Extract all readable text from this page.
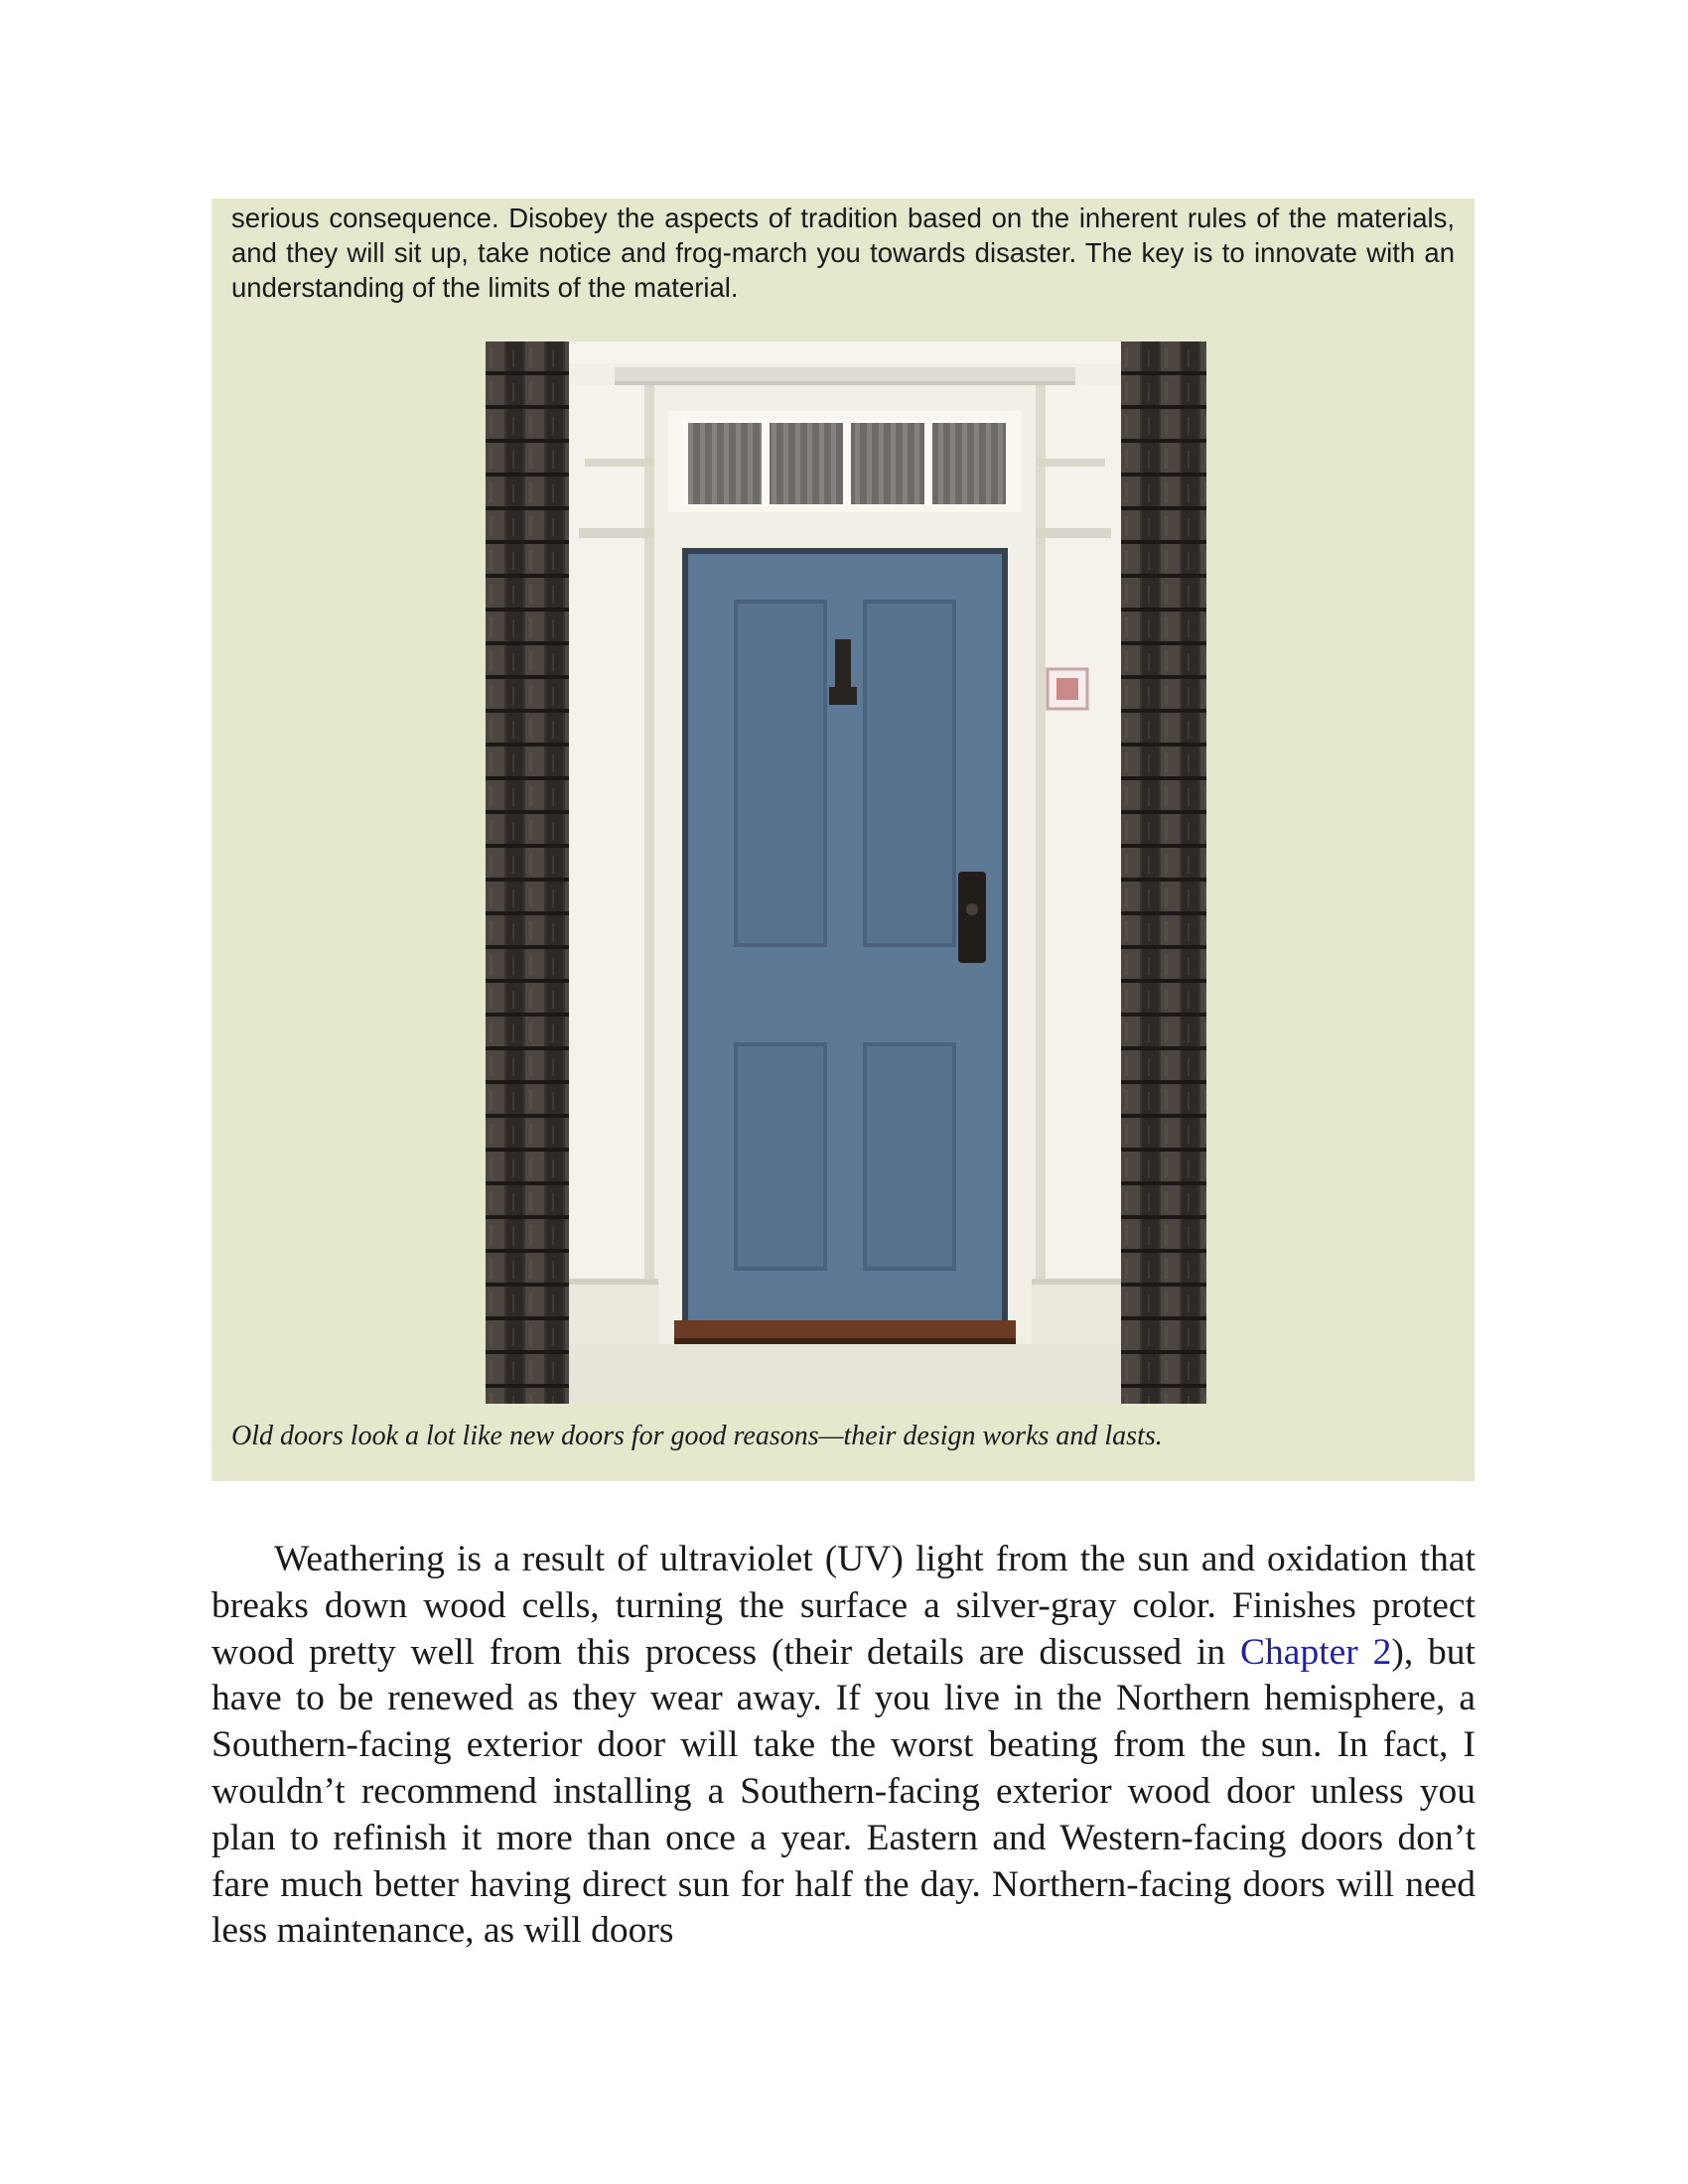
serious consequence. Disobey the aspects of tradition based on the inherent rules of the materials, and they will sit up, take notice and frog-march you towards disaster. The key is to innovate with an understanding of the limits of the material.

Old doors look a lot like new doors for good reasons—their design works and lasts.

Weathering is a result of ultraviolet (UV) light from the sun and oxidation that breaks down wood cells, turning the surface a silver-gray color. Finishes protect wood pretty well from this process (their details are discussed in Chapter 2), but have to be renewed as they wear away. If you live in the Northern hemisphere, a Southern-facing exterior door will take the worst beating from the sun. In fact, I wouldn’t recommend installing a Southern-facing exterior wood door unless you plan to refinish it more than once a year. Eastern and Western-facing doors don’t fare much better having direct sun for half the day. Northern-facing doors will need less maintenance, as will doors
